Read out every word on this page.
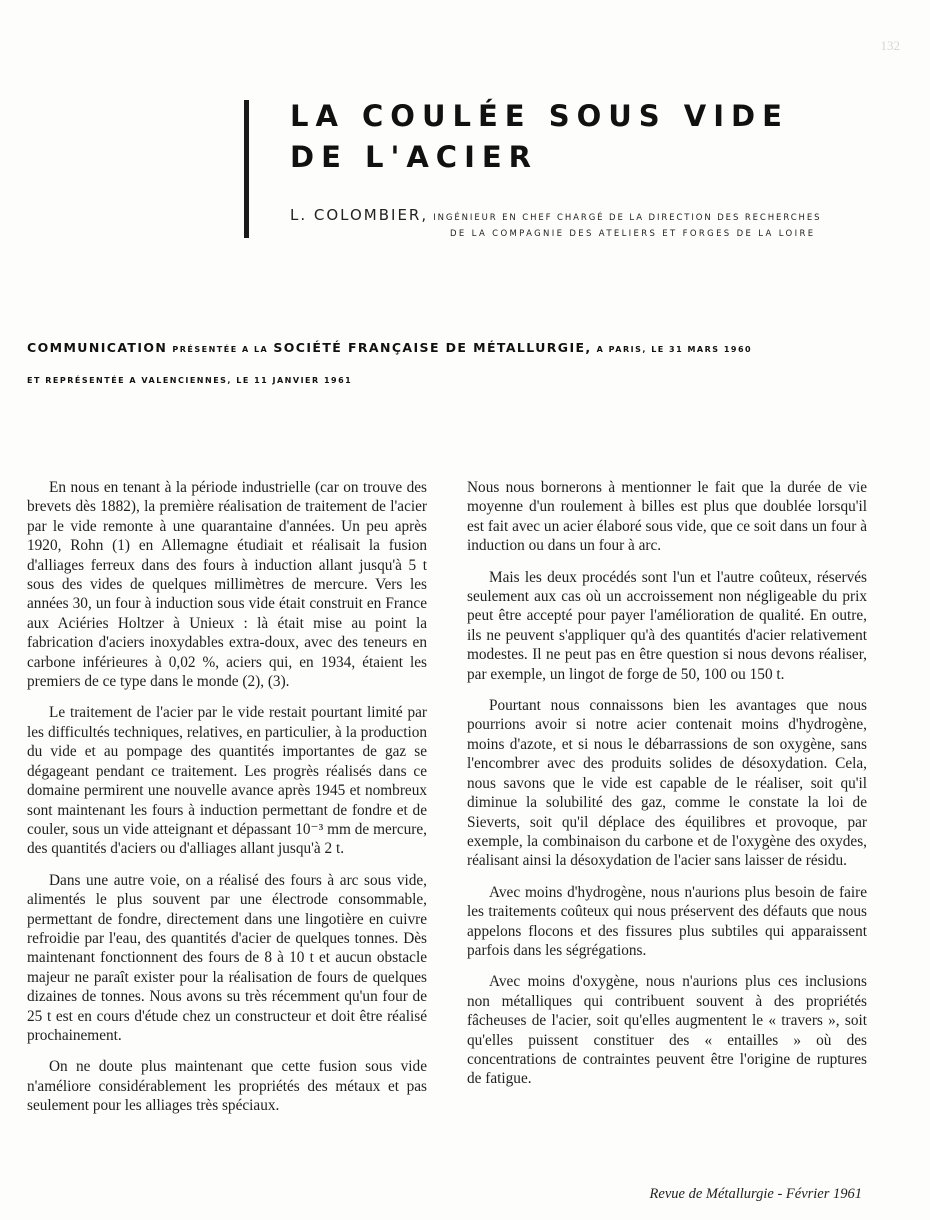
132
LA COULÉE SOUS VIDE
DE L'ACIER
L. COLOMBIER, INGÉNIEUR EN CHEF CHARGÉ DE LA DIRECTION DES RECHERCHES
DE LA COMPAGNIE DES ATELIERS ET FORGES DE LA LOIRE
COMMUNICATION PRÉSENTÉE A LA SOCIÉTÉ FRANÇAISE DE MÉTALLURGIE, A PARIS, LE 31 MARS 1960
ET REPRÉSENTÉE A VALENCIENNES, LE 11 JANVIER 1961

En nous en tenant à la période industrielle (car on trouve des brevets dès 1882), la première réalisation de traitement de l'acier par le vide remonte à une quarantaine d'années. Un peu après 1920, Rohn (1) en Allemagne étudiait et réalisait la fusion d'alliages ferreux dans des fours à induction allant jusqu'à 5 t sous des vides de quelques millimètres de mercure. Vers les années 30, un four à induction sous vide était construit en France aux Aciéries Holtzer à Unieux : là était mise au point la fabrication d'aciers inoxydables extra-doux, avec des teneurs en carbone inférieures à 0,02 %, aciers qui, en 1934, étaient les premiers de ce type dans le monde (2), (3).

Le traitement de l'acier par le vide restait pourtant limité par les difficultés techniques, relatives, en particulier, à la production du vide et au pompage des quantités importantes de gaz se dégageant pendant ce traitement. Les progrès réalisés dans ce domaine permirent une nouvelle avance après 1945 et nombreux sont maintenant les fours à induction permettant de fondre et de couler, sous un vide atteignant et dépassant 10⁻³ mm de mercure, des quantités d'aciers ou d'alliages allant jusqu'à 2 t.

Dans une autre voie, on a réalisé des fours à arc sous vide, alimentés le plus souvent par une électrode consommable, permettant de fondre, directement dans une lingotière en cuivre refroidie par l'eau, des quantités d'acier de quelques tonnes. Dès maintenant fonctionnent des fours de 8 à 10 t et aucun obstacle majeur ne paraît exister pour la réalisation de fours de quelques dizaines de tonnes. Nous avons su très récemment qu'un four de 25 t est en cours d'étude chez un constructeur et doit être réalisé prochainement.

On ne doute plus maintenant que cette fusion sous vide n'améliore considérablement les propriétés des métaux et pas seulement pour les alliages très spéciaux.

Nous nous bornerons à mentionner le fait que la durée de vie moyenne d'un roulement à billes est plus que doublée lorsqu'il est fait avec un acier élaboré sous vide, que ce soit dans un four à induction ou dans un four à arc.

Mais les deux procédés sont l'un et l'autre coûteux, réservés seulement aux cas où un accroissement non négligeable du prix peut être accepté pour payer l'amélioration de qualité. En outre, ils ne peuvent s'appliquer qu'à des quantités d'acier relativement modestes. Il ne peut pas en être question si nous devons réaliser, par exemple, un lingot de forge de 50, 100 ou 150 t.

Pourtant nous connaissons bien les avantages que nous pourrions avoir si notre acier contenait moins d'hydrogène, moins d'azote, et si nous le débarrassions de son oxygène, sans l'encombrer avec des produits solides de désoxydation. Cela, nous savons que le vide est capable de le réaliser, soit qu'il diminue la solubilité des gaz, comme le constate la loi de Sieverts, soit qu'il déplace des équilibres et provoque, par exemple, la combinaison du carbone et de l'oxygène des oxydes, réalisant ainsi la désoxydation de l'acier sans laisser de résidu.

Avec moins d'hydrogène, nous n'aurions plus besoin de faire les traitements coûteux qui nous préservent des défauts que nous appelons flocons et des fissures plus subtiles qui apparaissent parfois dans les ségrégations.

Avec moins d'oxygène, nous n'aurions plus ces inclusions non métalliques qui contribuent souvent à des propriétés fâcheuses de l'acier, soit qu'elles augmentent le « travers », soit qu'elles puissent constituer des « entailles » où des concentrations de contraintes peuvent être l'origine de ruptures de fatigue.

Revue de Métallurgie - Février 1961
